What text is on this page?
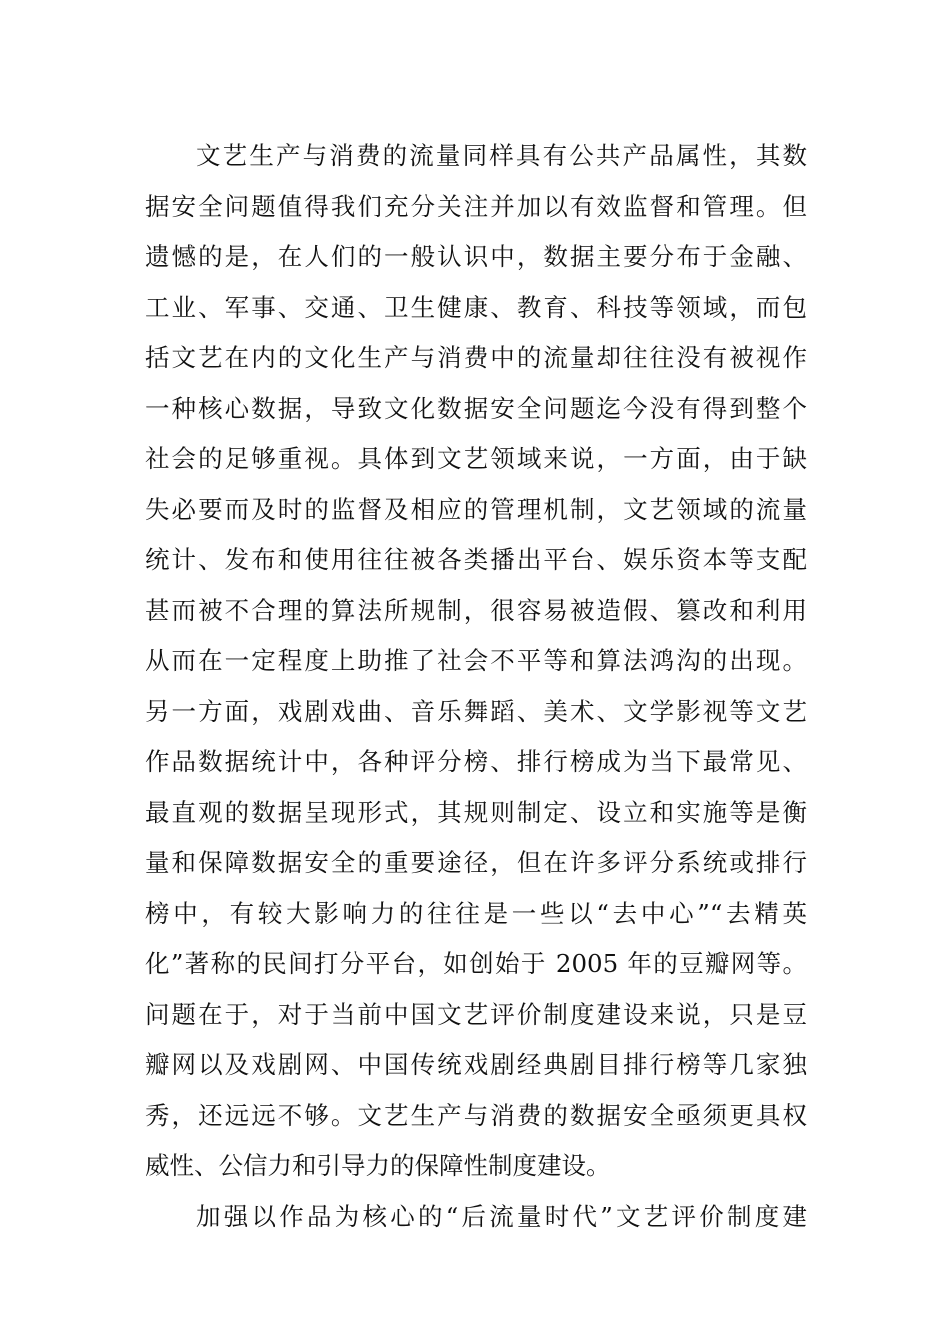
文艺生产与消费的流量同样具有公共产品属性，其数
据安全问题值得我们充分关注并加以有效监督和管理。但
遗憾的是，在人们的一般认识中，数据主要分布于金融、
工业、军事、交通、卫生健康、教育、科技等领域，而包
括文艺在内的文化生产与消费中的流量却往往没有被视作
一种核心数据，导致文化数据安全问题迄今没有得到整个
社会的足够重视。具体到文艺领域来说，一方面，由于缺
失必要而及时的监督及相应的管理机制，文艺领域的流量
统计、发布和使用往往被各类播出平台、娱乐资本等支配
甚而被不合理的算法所规制，很容易被造假、篡改和利用
从而在一定程度上助推了社会不平等和算法鸿沟的出现。
另一方面，戏剧戏曲、音乐舞蹈、美术、文学影视等文艺
作品数据统计中，各种评分榜、排行榜成为当下最常见、
最直观的数据呈现形式，其规则制定、设立和实施等是衡
量和保障数据安全的重要途径，但在许多评分系统或排行
榜中，有较大影响力的往往是一些以“去中心”“去精英
化”著称的民间打分平台，如创始于 2005 年的豆瓣网等。
问题在于，对于当前中国文艺评价制度建设来说，只是豆
瓣网以及戏剧网、中国传统戏剧经典剧目排行榜等几家独
秀，还远远不够。文艺生产与消费的数据安全亟须更具权
威性、公信力和引导力的保障性制度建设。
加强以作品为核心的“后流量时代”文艺评价制度建
